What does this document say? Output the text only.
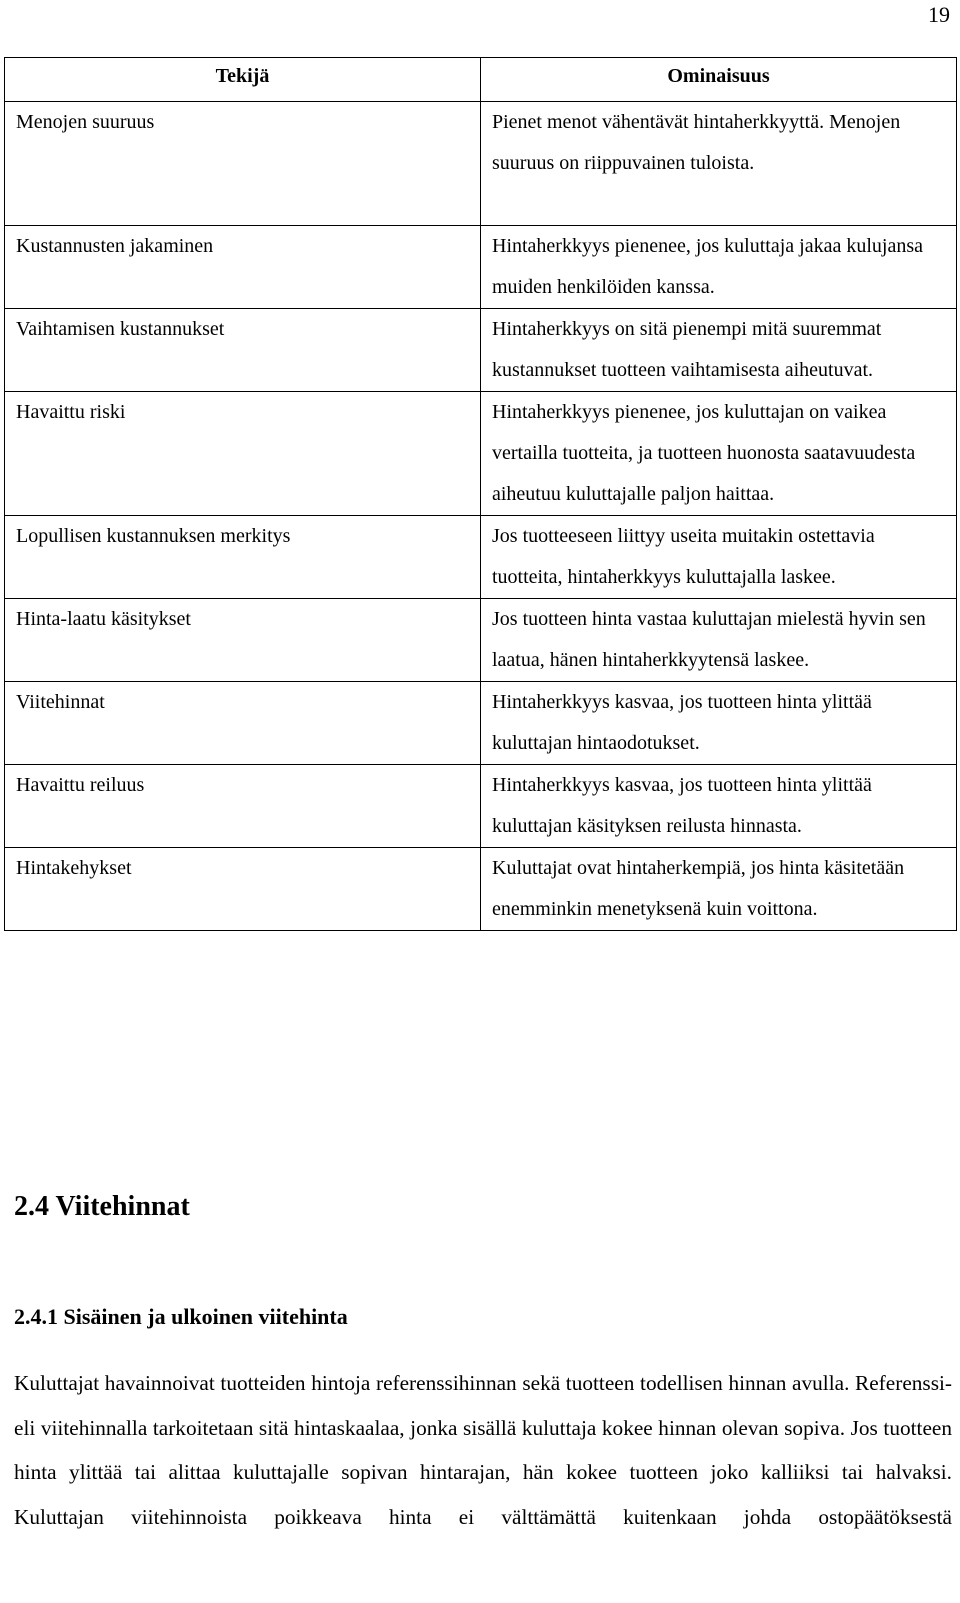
19
Tekijä	Ominaisuus
Menojen suuruus	Pienet menot vähentävät hintaherkkyyttä. Menojen suuruus on riippuvainen tuloista.
Kustannusten jakaminen	Hintaherkkyys pienenee, jos kuluttaja jakaa kulujansa muiden henkilöiden kanssa.
Vaihtamisen kustannukset	Hintaherkkyys on sitä pienempi mitä suuremmat kustannukset tuotteen vaihtamisesta aiheutuvat.
Havaittu riski	Hintaherkkyys pienenee, jos kuluttajan on vaikea vertailla tuotteita, ja tuotteen huonosta saatavuudesta aiheutuu kuluttajalle paljon haittaa.
Lopullisen kustannuksen merkitys	Jos tuotteeseen liittyy useita muitakin ostettavia tuotteita, hintaherkkyys kuluttajalla laskee.
Hinta-laatu käsitykset	Jos tuotteen hinta vastaa kuluttajan mielestä hyvin sen laatua, hänen hintaherkkyytensä laskee.
Viitehinnat	Hintaherkkyys kasvaa, jos tuotteen hinta ylittää kuluttajan hintaodotukset.
Havaittu reiluus	Hintaherkkyys kasvaa, jos tuotteen hinta ylittää kuluttajan käsityksen reilusta hinnasta.
Hintakehykset	Kuluttajat ovat hintaherkempiä, jos hinta käsitetään enemminkin menetyksenä kuin voittona.
2.4 Viitehinnat
2.4.1 Sisäinen ja ulkoinen viitehinta

Kuluttajat havainnoivat tuotteiden hintoja referenssihinnan sekä tuotteen todellisen hinnan avulla. Referenssi- eli viitehinnalla tarkoitetaan sitä hintaskaalaa, jonka sisällä kuluttaja kokee hinnan olevan sopiva. Jos tuotteen hinta ylittää tai alittaa kuluttajalle sopivan hintarajan, hän kokee tuotteen joko kalliiksi tai halvaksi. Kuluttajan viitehinnoista poikkeava hinta ei välttämättä kuitenkaan johda ostopäätöksestä
